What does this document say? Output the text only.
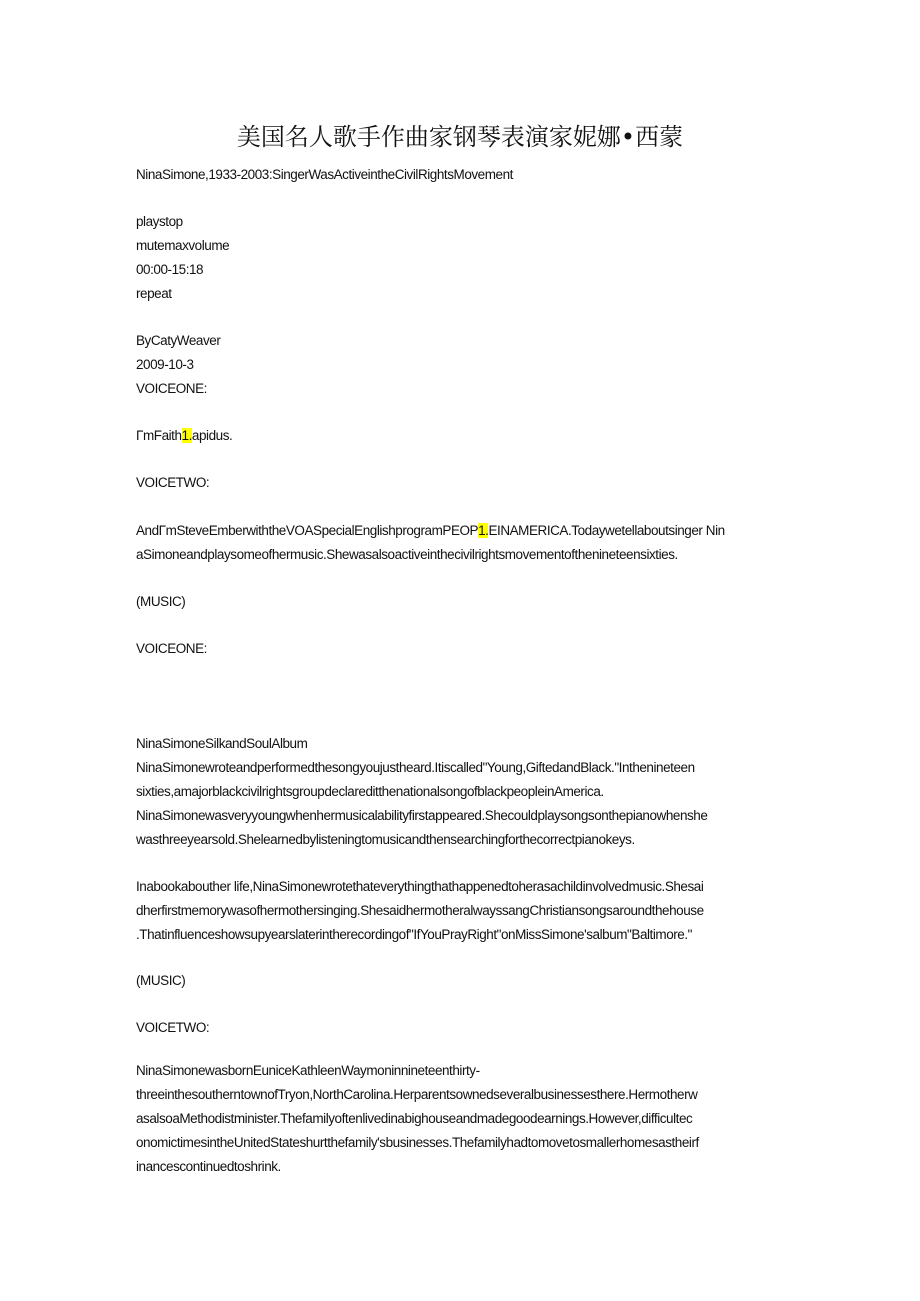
美国名人歌手作曲家钢琴表演家妮娜•西蒙
NinaSimone,1933-2003:SingerWasActiveintheCivilRightsMovement
playstop
mutemaxvolume
00:00-15:18
repeat
ByCatyWeaver
2009-10-3
VOICEONE:
ΓmFaith1.apidus.
VOICETWO:
AndΓmSteveEmberwiththeVOASpecialEnglishprogramPEOP1.EINAMERICA.Todaywetellaboutsinger Nin
aSimoneandplaysomeofhermusic.Shewasalsoactiveinthecivilrightsmovementofthenineteensixties.
(MUSIC)
VOICEONE:
NinaSimoneSilkandSoulAlbum
NinaSimonewroteandperformedthesongyoujustheard.Itiscalled"Young,GiftedandBlack."Inthenineteen
sixties,amajorblackcivilrightsgroupdeclareditthenationalsongofblackpeopleinAmerica.
NinaSimonewasveryyoungwhenhermusicalabilityfirstappeared.Shecouldplaysongsonthepianowhenshe
wasthreeyearsold.Shelearnedbylisteningtomusicandthensearchingforthecorrectpianokeys.
Inabookabouther life,NinaSimonewrotethateverythingthathappenedtoherasachildinvolvedmusic.Shesai
dherfirstmemorywasofhermothersinging.ShesaidhermotheralwayssangChristiansongsaroundthehouse
.Thatinfluenceshowsupyearslaterintherecordingof"IfYouPrayRight"onMissSimone'salbum"Baltimore."
(MUSIC)
VOICETWO:
NinaSimonewasbornEuniceKathleenWaymoninnineteenthirty-
threeinthesoutherntownofTryon,NorthCarolina.Herparentsownedseveralbusinessesthere.Hermotherw
asalsoaMethodistminister.Thefamilyoftenlivedinabighouseandmadegoodearnings.However,difficultec
onomictimesintheUnitedStateshurtthefamily'sbusinesses.Thefamilyhadtomovetosmallerhomesastheirf
inancescontinuedtoshrink.
